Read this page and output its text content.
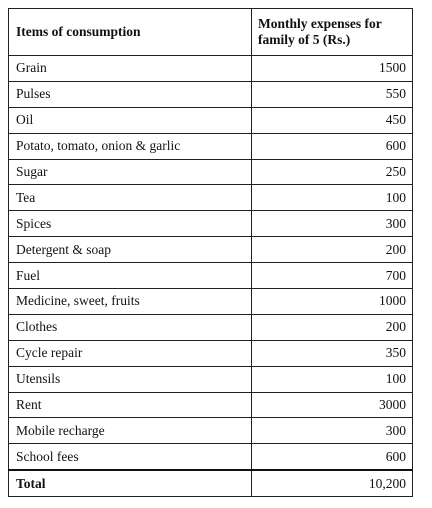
Items of consumption	Monthly expenses for family of 5 (Rs.)
Grain	1500
Pulses	550
Oil	450
Potato, tomato, onion & garlic	600
Sugar	250
Tea	100
Spices	300
Detergent & soap	200
Fuel	700
Medicine, sweet, fruits	1000
Clothes	200
Cycle repair	350
Utensils	100
Rent	3000
Mobile recharge	300
School fees	600
Total	10,200
